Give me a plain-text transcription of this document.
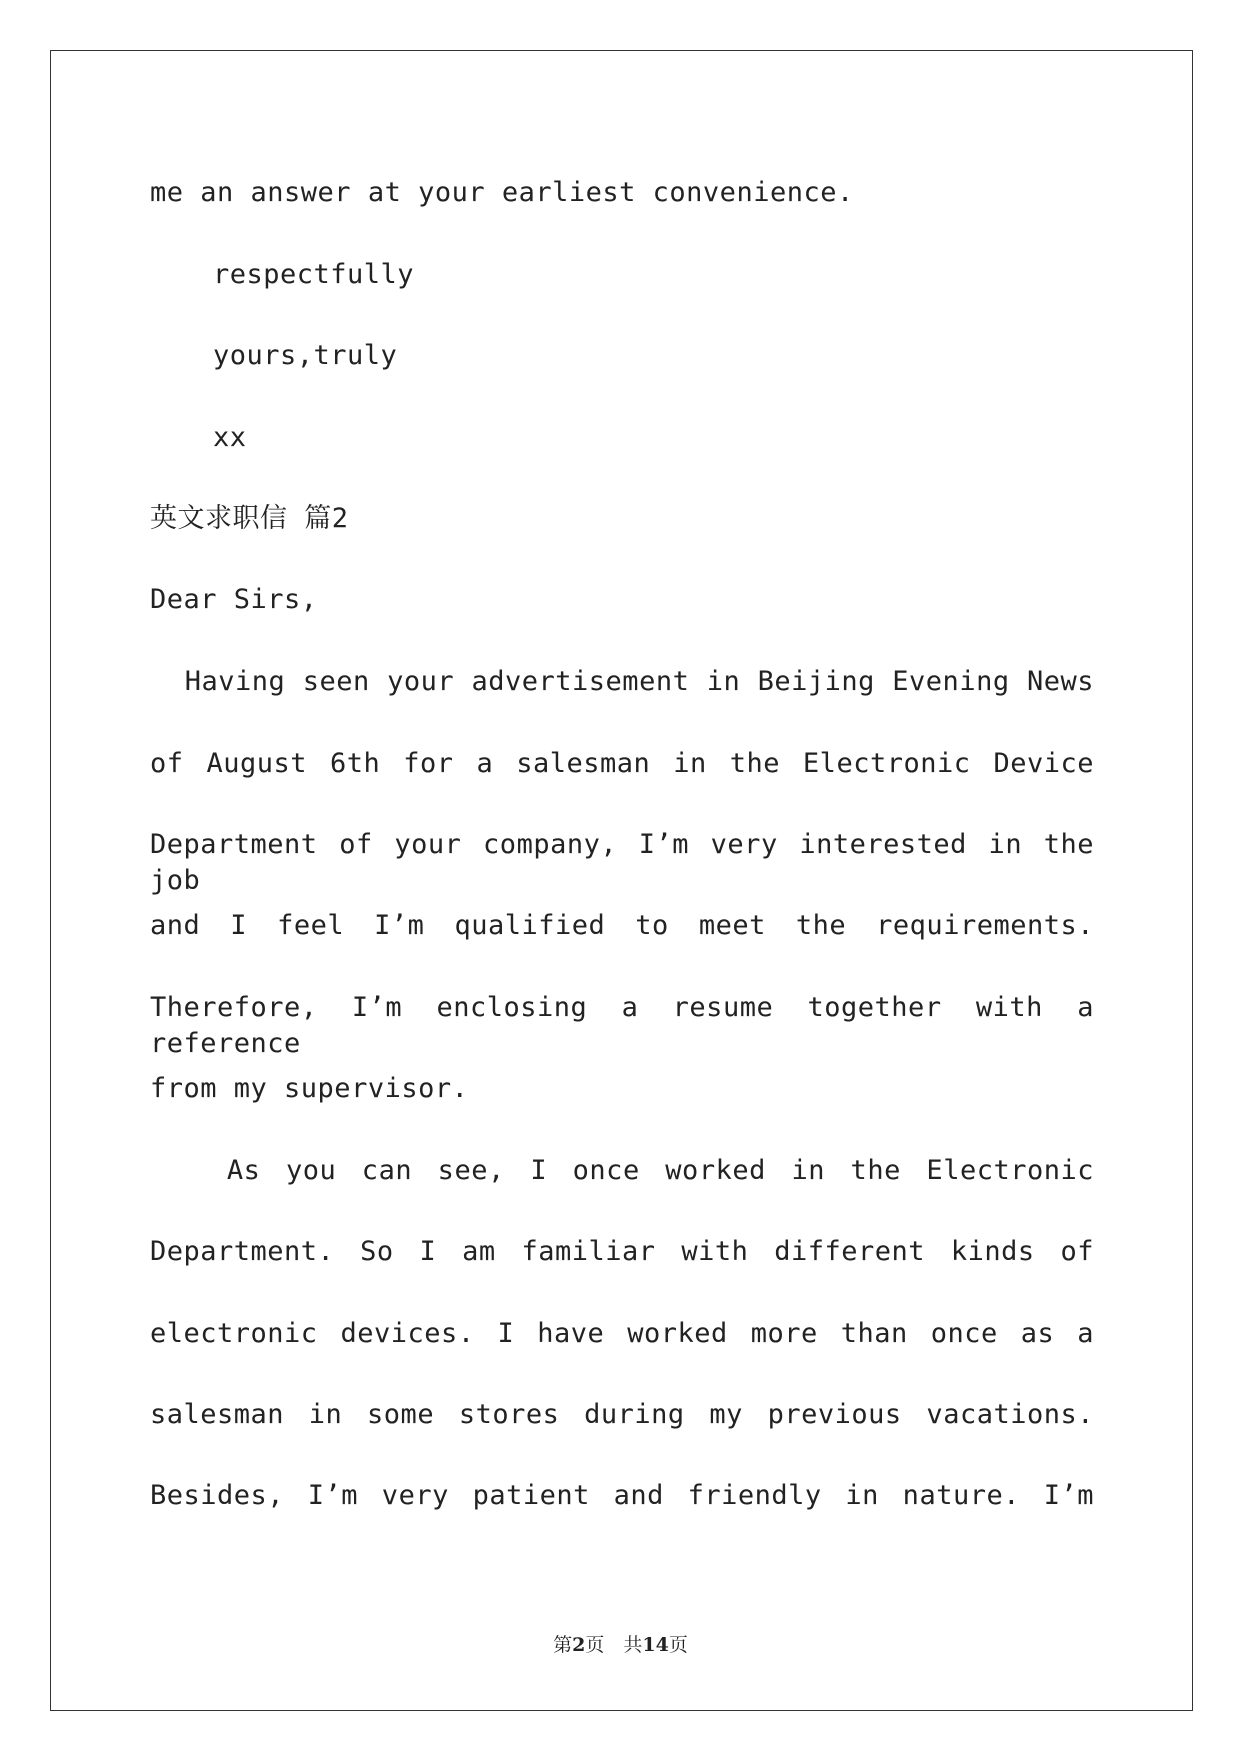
me an answer at your earliest convenience.
respectfully
yours,truly
xx
英文求职信 篇2
Dear Sirs,
Having seen your advertisement in Beijing Evening News
of August 6th for a salesman in the Electronic Device
Department of your company, I’m very interested in the job
and I feel I’m qualified to meet the requirements.
Therefore, I’m enclosing a resume together with a reference
from my supervisor.
As you can see, I once worked in the Electronic
Department. So I am familiar with different kinds of
electronic devices. I have worked more than once as a
salesman in some stores during my previous vacations.
Besides, I’m very patient and friendly in nature. I’m
第2页　共14页
